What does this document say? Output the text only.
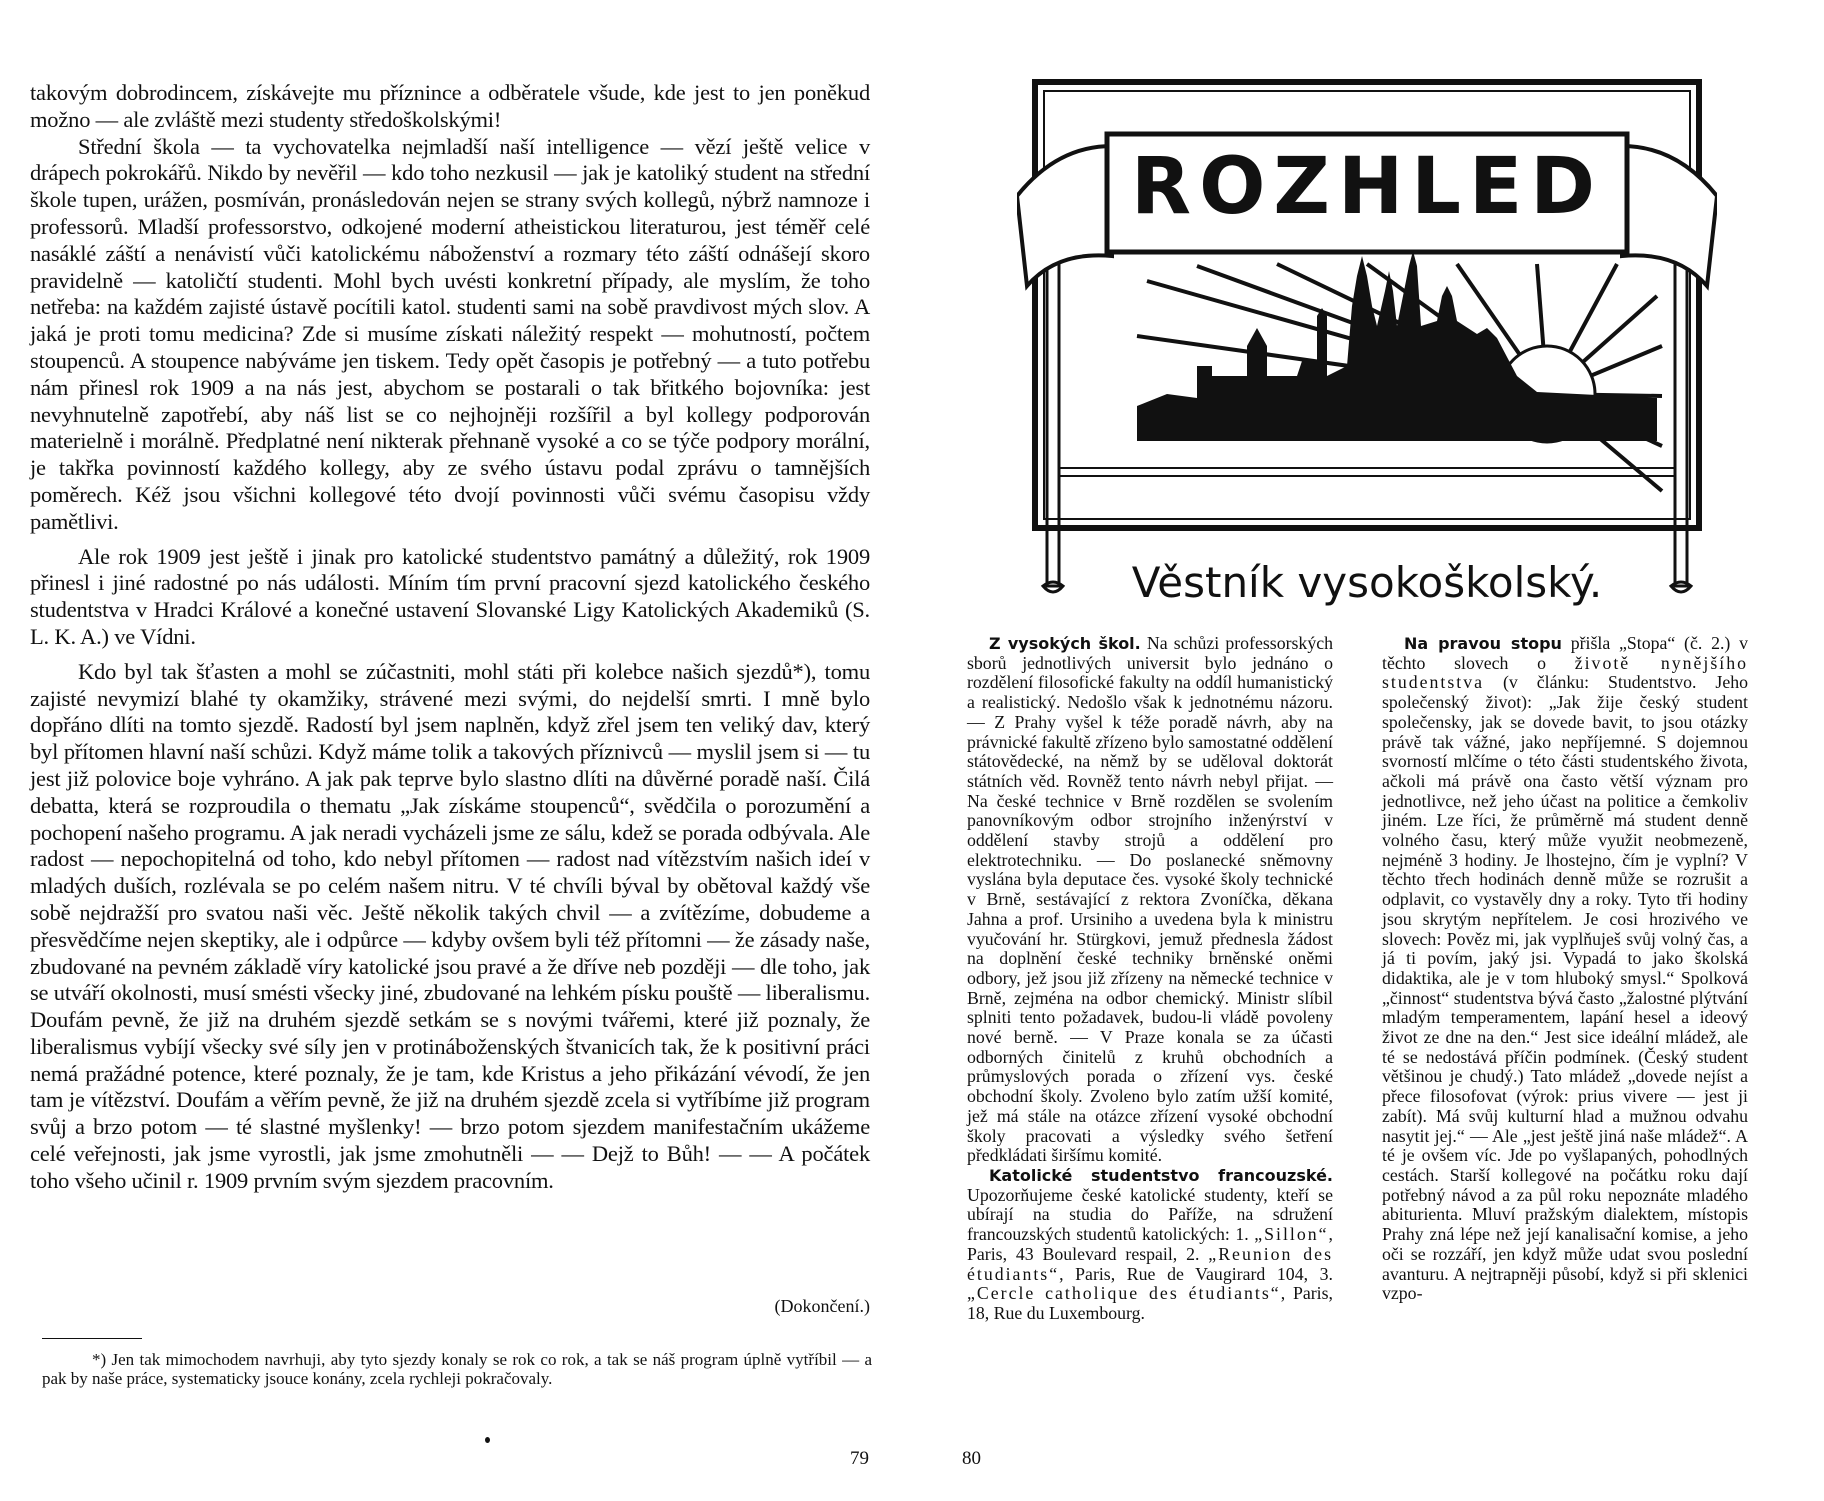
takovým dobrodincem, získávejte mu příznince a odběratele všude, kde jest to jen poněkud možno — ale zvláště mezi studenty středoškolskými!

Střední škola — ta vychovatelka nejmladší naší intelligence — vězí ještě velice v drápech pokrokářů. Nikdo by nevěřil — kdo toho nezkusil — jak je katoliký student na střední škole tupen, urážen, posmíván, pronásledován nejen se strany svých kollegů, nýbrž namnoze i professorů. Mladší professorstvo, odkojené moderní atheistickou literaturou, jest téměř celé nasáklé záští a nenávistí vůči katolickému náboženství a rozmary této záští odnášejí skoro pravidelně — katoličtí studenti. Mohl bych uvésti konkretní případy, ale myslím, že toho netřeba: na každém zajisté ústavě pocítili katol. studenti sami na sobě pravdivost mých slov. A jaká je proti tomu medicina? Zde si musíme získati náležitý respekt — mohutností, počtem stoupenců. A stoupence nabýváme jen tiskem. Tedy opět časopis je potřebný — a tuto potřebu nám přinesl rok 1909 a na nás jest, abychom se postarali o tak břitkého bojovníka: jest nevyhnutelně zapotřebí, aby náš list se co nejhojněji rozšířil a byl kollegy podporován materielně i morálně. Předplatné není nikterak přehnaně vysoké a co se týče podpory morální, je takřka povinností každého kollegy, aby ze svého ústavu podal zprávu o tamnějších poměrech. Kéž jsou všichni kollegové této dvojí povinnosti vůči svému časopisu vždy pamětlivi.

Ale rok 1909 jest ještě i jinak pro katolické studentstvo památný a důležitý, rok 1909 přinesl i jiné radostné po nás události. Míním tím první pracovní sjezd katolického českého studentstva v Hradci Králové a konečné ustavení Slovanské Ligy Katolických Akademiků (S. L. K. A.) ve Vídni.

Kdo byl tak šťasten a mohl se zúčastniti, mohl státi při kolebce našich sjezdů*), tomu zajisté nevymizí blahé ty okamžiky, strávené mezi svými, do nejdelší smrti. I mně bylo dopřáno dlíti na tomto sjezdě. Radostí byl jsem naplněn, když zřel jsem ten veliký dav, který byl přítomen hlavní naší schůzi. Když máme tolik a takových příznivců — myslil jsem si — tu jest již polovice boje vyhráno. A jak pak teprve bylo slastno dlíti na důvěrné poradě naší. Čilá debatta, která se rozproudila o thematu „Jak získáme stoupenců“, svědčila o porozumění a pochopení našeho programu. A jak neradi vycházeli jsme ze sálu, kdež se porada odbývala. Ale radost — nepochopitelná od toho, kdo nebyl přítomen — radost nad vítězstvím našich ideí v mladých duších, rozlévala se po celém našem nitru. V té chvíli býval by obětoval každý vše sobě nejdražší pro svatou naši věc. Ještě několik takých chvil — a zvítězíme, dobudeme a přesvědčíme nejen skeptiky, ale i odpůrce — kdyby ovšem byli též přítomni — že zásady naše, zbudované na pevném základě víry katolické jsou pravé a že dříve neb později — dle toho, jak se utváří okolnosti, musí smésti všecky jiné, zbudované na lehkém písku pouště — liberalismu. Doufám pevně, že již na druhém sjezdě setkám se s novými tvářemi, které již poznaly, že liberalismus vybíjí všecky své síly jen v protináboženských štvanicích tak, že k positivní práci nemá pražádné potence, které poznaly, že je tam, kde Kristus a jeho přikázání vévodí, že jen tam je vítězství. Doufám a věřím pevně, že již na druhém sjezdě zcela si vytříbíme již program svůj a brzo potom — té slastné myšlenky! — brzo potom sjezdem manifestačním ukážeme celé veřejnosti, jak jsme vyrostli, jak jsme zmohutněli — — Dejž to Bůh! — — A počátek toho všeho učinil r. 1909 prvním svým sjezdem pracovním.

(Dokončení.)

*) Jen tak mimochodem navrhuji, aby tyto sjezdy konaly se rok co rok, a tak se náš program úplně vytříbil — a pak by naše práce, systematicky jsouce konány, zcela rychleji pokračovaly.

79
ROZHLED
Věstník vysokoškolský.

Z vysokých škol. Na schůzi professorských sborů jednotlivých universit bylo jednáno o rozdělení filosofické fakulty na oddíl humanistický a realistický. Nedošlo však k jednotnému názoru. — Z Prahy vyšel k téže poradě návrh, aby na právnické fakultě zřízeno bylo samostatné oddělení státovědecké, na němž by se uděloval doktorát státních věd. Rovněž tento návrh nebyl přijat. — Na české technice v Brně rozdělen se svolením panovníkovým odbor strojního inženýrství v oddělení stavby strojů a oddělení pro elektrotechniku. — Do poslanecké sněmovny vyslána byla deputace čes. vysoké školy technické v Brně, sestávající z rektora Zvoníčka, děkana Jahna a prof. Ursiniho a uvedena byla k ministru vyučování hr. Stürgkovi, jemuž přednesla žádost na doplnění české techniky brněnské oněmi odbory, jež jsou již zřízeny na německé technice v Brně, zejména na odbor chemický. Ministr slíbil splniti tento požadavek, budou-li vládě povoleny nové berně. — V Praze konala se za účasti odborných činitelů z kruhů obchodních a průmyslových porada o zřízení vys. české obchodní školy. Zvoleno bylo zatím užší komité, jež má stále na otázce zřízení vysoké obchodní školy pracovati a výsledky svého šetření předkládati širšímu komité.

Katolické studentstvo francouzské. Upozorňujeme české katolické studenty, kteří se ubírají na studia do Paříže, na sdružení francouzských studentů katolických: 1. „Sillon“, Paris, 43 Boulevard respail, 2. „Reunion des étudiants“, Paris, Rue de Vaugirard 104, 3. „Cercle catholique des étudiants“, Paris, 18, Rue du Luxembourg.

Na pravou stopu přišla „Stopa“ (č. 2.) v těchto slovech o životě nynějšího studentstva (v článku: Studentstvo. Jeho společenský život): „Jak žije český student společensky, jak se dovede bavit, to jsou otázky právě tak vážné, jako nepříjemné. S dojemnou svorností mlčíme o této části studentského života, ačkoli má právě ona často větší význam pro jednotlivce, než jeho účast na politice a čemkoliv jiném. Lze říci, že průměrně má student denně volného času, který může využit neobmezeně, nejméně 3 hodiny. Je lhostejno, čím je vyplní? V těchto třech hodinách denně může se rozrušit a odplavit, co vystavěly dny a roky. Tyto tři hodiny jsou skrytým nepřítelem. Je cosi hrozivého ve slovech: Pověz mi, jak vyplňuješ svůj volný čas, a já ti povím, jaký jsi. Vypadá to jako školská didaktika, ale je v tom hluboký smysl.“ Spolková „činnost“ studentstva bývá často „žalostné plýtvání mladým temperamentem, lapání hesel a ideový život ze dne na den.“ Jest sice ideální mládež, ale té se nedostává příčin podmínek. (Český student většinou je chudý.) Tato mládež „dovede nejíst a přece filosofovat (výrok: prius vivere — jest ji zabít). Má svůj kulturní hlad a mužnou odvahu nasytit jej.“ — Ale „jest ještě jiná naše mládež“. A té je ovšem víc. Jde po vyšlapaných, pohodlných cestách. Starší kollegové na počátku roku dají potřebný návod a za půl roku nepoznáte mladého abiturienta. Mluví pražským dialektem, místopis Prahy zná lépe než její kanalisační komise, a jeho oči se rozzáří, jen když může udat svou poslední avanturu. A nejtrapněji působí, když si při sklenici vzpo-

80
